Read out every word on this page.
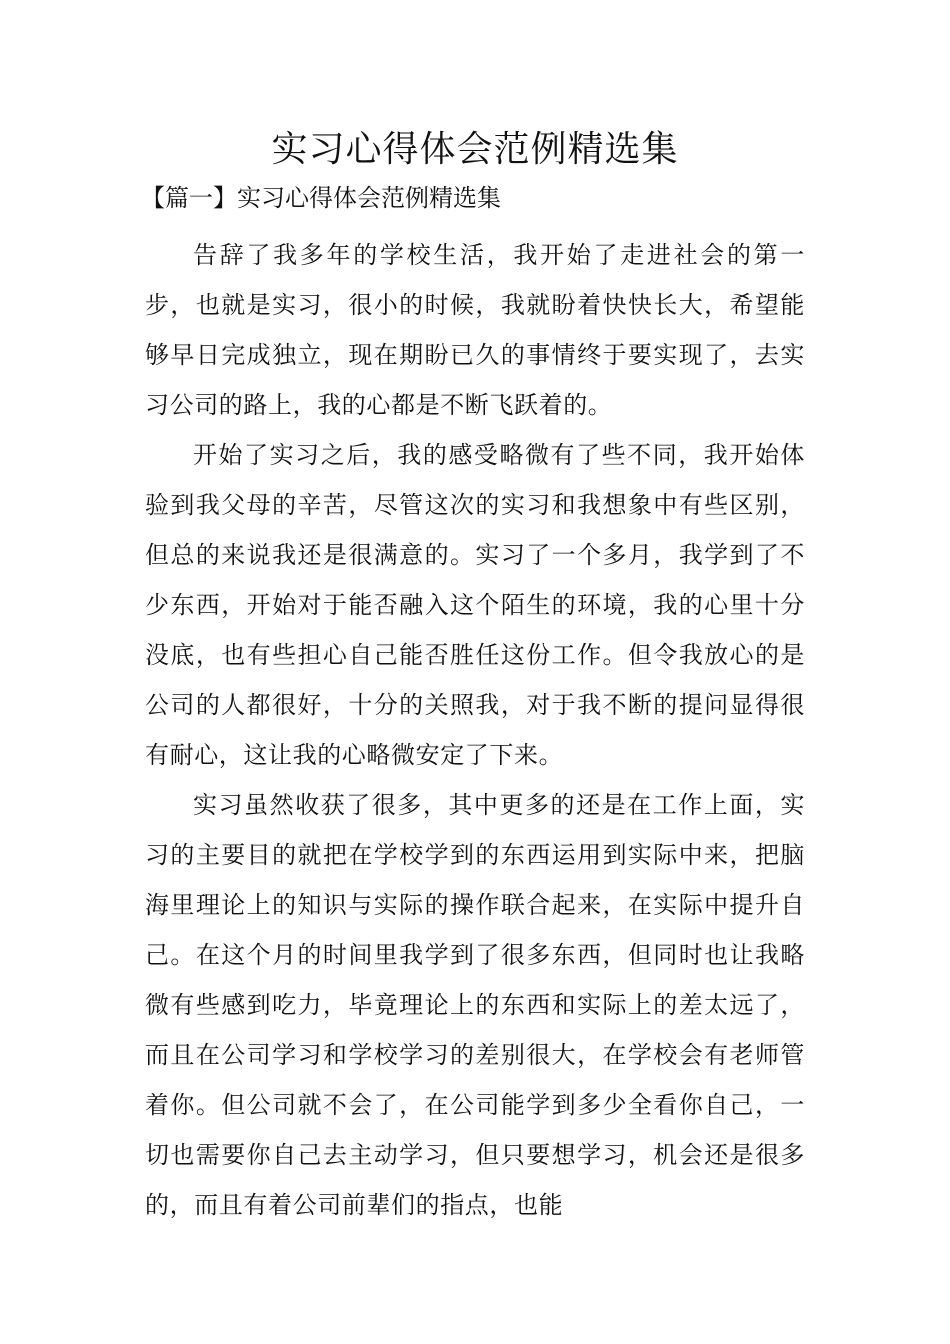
实习心得体会范例精选集
【篇一】实习心得体会范例精选集

告辞了我多年的学校生活，我开始了走进社会的第一步，也就是实习，很小的时候，我就盼着快快长大，希望能够早日完成独立，现在期盼已久的事情终于要实现了，去实习公司的路上，我的心都是不断飞跃着的。

开始了实习之后，我的感受略微有了些不同，我开始体验到我父母的辛苦，尽管这次的实习和我想象中有些区别，但总的来说我还是很满意的。实习了一个多月，我学到了不少东西，开始对于能否融入这个陌生的环境，我的心里十分没底，也有些担心自己能否胜任这份工作。但令我放心的是公司的人都很好，十分的关照我，对于我不断的提问显得很有耐心，这让我的心略微安定了下来。

实习虽然收获了很多，其中更多的还是在工作上面，实习的主要目的就把在学校学到的东西运用到实际中来，把脑海里理论上的知识与实际的操作联合起来，在实际中提升自己。在这个月的时间里我学到了很多东西，但同时也让我略微有些感到吃力，毕竟理论上的东西和实际上的差太远了，而且在公司学习和学校学习的差别很大，在学校会有老师管着你。但公司就不会了，在公司能学到多少全看你自己，一切也需要你自己去主动学习，但只要想学习，机会还是很多的，而且有着公司前辈们的指点，也能
